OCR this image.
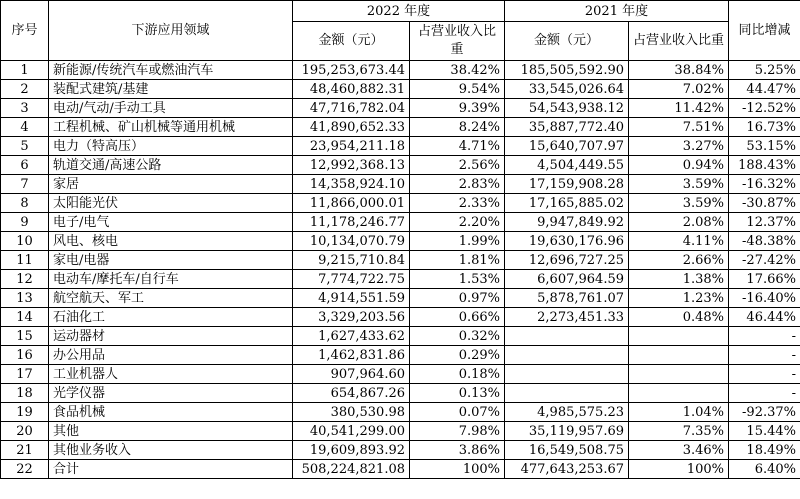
序号	下游应用领域	2022 年度		2021 年度		同比增减
		金额（元）	占营业收入比重	金额（元）	占营业收入比重	
1	新能源/传统汽车或燃油汽车	195,253,673.44	38.42%	185,505,592.90	38.84%	5.25%
2	装配式建筑/基建	48,460,882.31	9.54%	33,545,026.64	7.02%	44.47%
3	电动/气动/手动工具	47,716,782.04	9.39%	54,543,938.12	11.42%	-12.52%
4	工程机械、矿山机械等通用机械	41,890,652.33	8.24%	35,887,772.40	7.51%	16.73%
5	电力（特高压）	23,954,211.18	4.71%	15,640,707.97	3.27%	53.15%
6	轨道交通/高速公路	12,992,368.13	2.56%	4,504,449.55	0.94%	188.43%
7	家居	14,358,924.10	2.83%	17,159,908.28	3.59%	-16.32%
8	太阳能光伏	11,866,000.01	2.33%	17,165,885.02	3.59%	-30.87%
9	电子/电气	11,178,246.77	2.20%	9,947,849.92	2.08%	12.37%
10	风电、核电	10,134,070.79	1.99%	19,630,176.96	4.11%	-48.38%
11	家电/电器	9,215,710.84	1.81%	12,696,727.25	2.66%	-27.42%
12	电动车/摩托车/自行车	7,774,722.75	1.53%	6,607,964.59	1.38%	17.66%
13	航空航天、军工	4,914,551.59	0.97%	5,878,761.07	1.23%	-16.40%
14	石油化工	3,329,203.56	0.66%	2,273,451.33	0.48%	46.44%
15	运动器材	1,627,433.62	0.32%			-
16	办公用品	1,462,831.86	0.29%			-
17	工业机器人	907,964.60	0.18%			-
18	光学仪器	654,867.26	0.13%			-
19	食品机械	380,530.98	0.07%	4,985,575.23	1.04%	-92.37%
20	其他	40,541,299.00	7.98%	35,119,957.69	7.35%	15.44%
21	其他业务收入	19,609,893.92	3.86%	16,549,508.75	3.46%	18.49%
22	合计	508,224,821.08	100%	477,643,253.67	100%	6.40%
